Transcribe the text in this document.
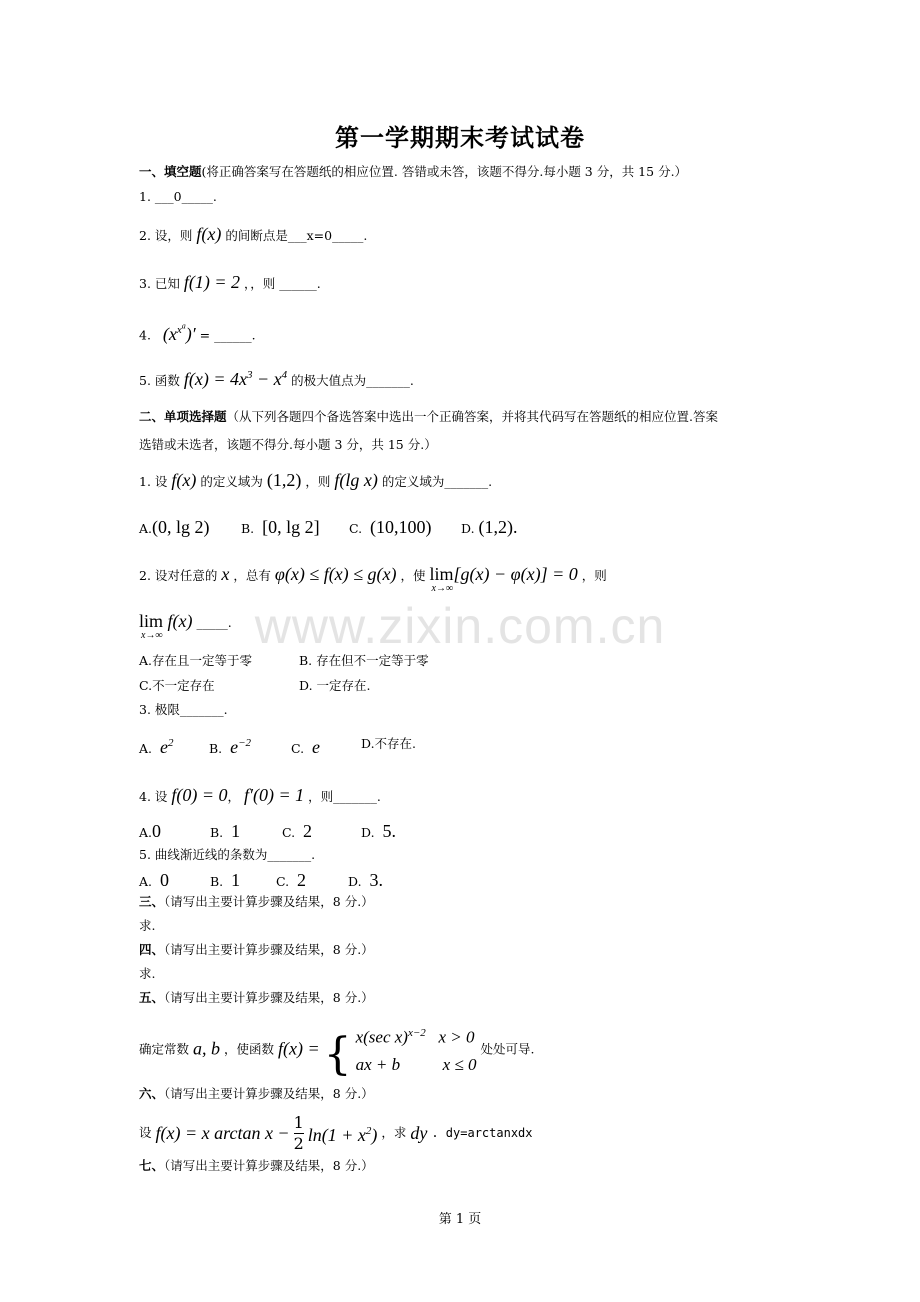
第一学期期末考试试卷
www.zixin.com.cn
一、填空题(将正确答案写在答题纸的相应位置. 答错或未答，该题不得分.每小题 3 分，共 15 分.）
1. ___0_____.
2. 设，则 f(x) 的间断点是___x=0_____.
3. 已知 f(1) = 2 ，，则 ______.
4.   $(x^{x^a})'$ = ______.
5. 函数 $f(x) = 4x^3 - x^4$ 的极大值点为_______.
二、单项选择题（从下列各题四个备选答案中选出一个正确答案，并将其代码写在答题纸的相应位置.答案
选错或未选者，该题不得分.每小题 3 分，共 15 分.）
1. 设 f(x) 的定义域为 (1,2) ，则 f(lg x) 的定义域为_______.
A.(0, lg 2)	B. [0, lg 2] C. (10,100) D. (1,2).
2. 设对任意的 x ，总有 φ(x) ≤ f(x) ≤ g(x) ，使 lim
x→∞
[g(x) − φ(x)] = 0 ，则
lim
x→∞
f(x) _____.
A.存在且一定等于零	B. 存在但不一定等于零
C.不一定存在	D. 一定存在.
3. 极限_______.
A. $e^2$	B. $e^{-2}$	C. e	D.不存在.
4. 设 f(0) = 0， f′(0) = 1 ，则_______.
A.0	B. 1	C. 2	D. 5.
5. 曲线渐近线的条数为_______.
A. 0	B. 1	C. 2	D. 3.
三、（请写出主要计算步骤及结果，8 分.）
求.
四、（请写出主要计算步骤及结果，8 分.）
求.
五、（请写出主要计算步骤及结果，8 分.）
确定常数 a, b ，使函数 f(x) = { x(sec x)$^{x-2}$   x > 0
ax + b          x ≤ 0 处处可导.
六、（请写出主要计算步骤及结果，8 分.）
设 f(x) = x $\arctan x - \frac{1}{2} \ln(1 + x^2)$ ，求 dy . dy=arctanxdx
七、（请写出主要计算步骤及结果，8 分.）
第 1 页
